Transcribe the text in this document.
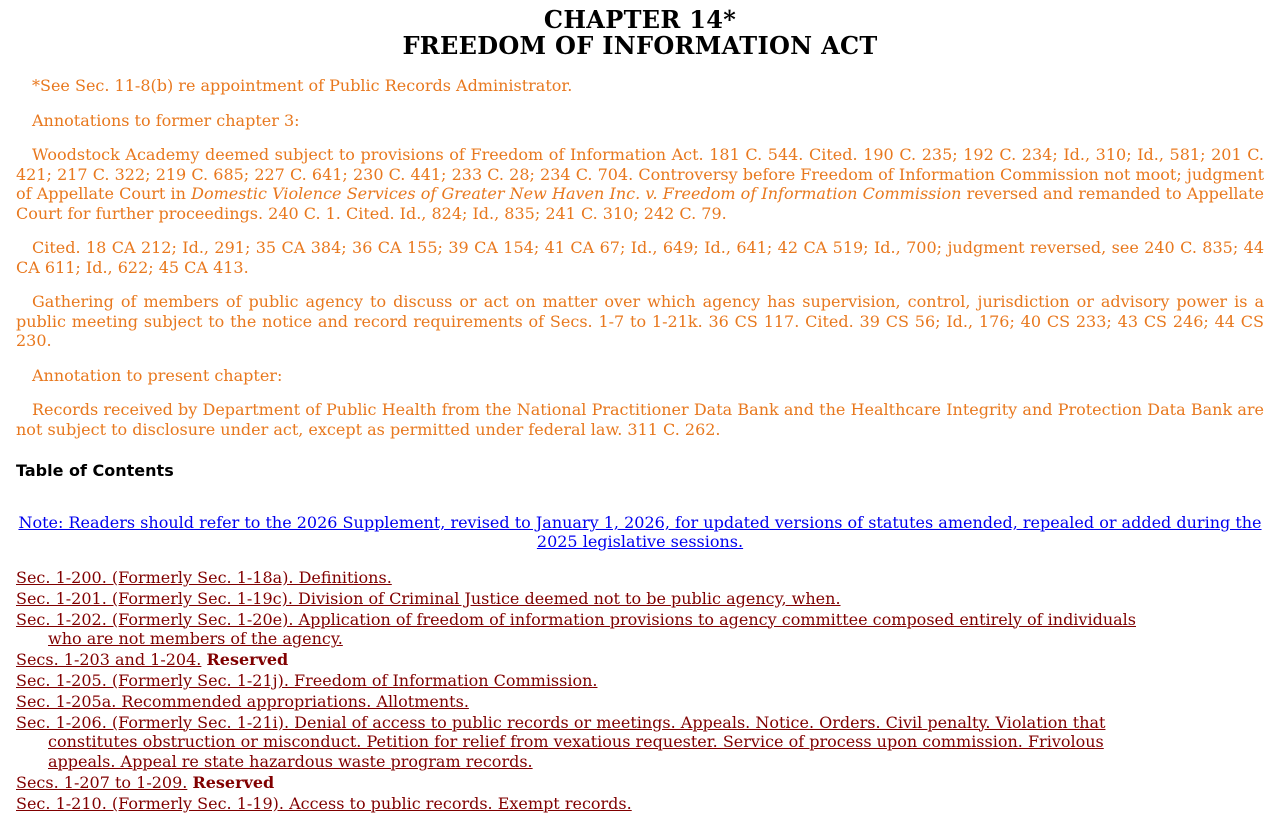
CHAPTER 14*
FREEDOM OF INFORMATION ACT

*See Sec. 11-8(b) re appointment of Public Records Administrator.

Annotations to former chapter 3:

Woodstock Academy deemed subject to provisions of Freedom of Information Act. 181 C. 544. Cited. 190 C. 235; 192 C. 234; Id., 310; Id., 581; 201 C. 421; 217 C. 322; 219 C. 685; 227 C. 641; 230 C. 441; 233 C. 28; 234 C. 704. Controversy before Freedom of Information Commission not moot; judgment of Appellate Court in Domestic Violence Services of Greater New Haven Inc. v. Freedom of Information Commission reversed and remanded to Appellate Court for further proceedings. 240 C. 1. Cited. Id., 824; Id., 835; 241 C. 310; 242 C. 79.

Cited. 18 CA 212; Id., 291; 35 CA 384; 36 CA 155; 39 CA 154; 41 CA 67; Id., 649; Id., 641; 42 CA 519; Id., 700; judgment reversed, see 240 C. 835; 44 CA 611; Id., 622; 45 CA 413.

Gathering of members of public agency to discuss or act on matter over which agency has supervision, control, jurisdiction or advisory power is a public meeting subject to the notice and record requirements of Secs. 1-7 to 1-21k. 36 CS 117. Cited. 39 CS 56; Id., 176; 40 CS 233; 43 CS 246; 44 CS 230.

Annotation to present chapter:

Records received by Department of Public Health from the National Practitioner Data Bank and the Healthcare Integrity and Protection Data Bank are not subject to disclosure under act, except as permitted under federal law. 311 C. 262.

Table of Contents
Note: Readers should refer to the 2026 Supplement, revised to January 1, 2026, for updated versions of statutes amended, repealed or added during the 2025 legislative sessions.
Sec. 1-200. (Formerly Sec. 1-18a). Definitions.
Sec. 1-201. (Formerly Sec. 1-19c). Division of Criminal Justice deemed not to be public agency, when.
Sec. 1-202. (Formerly Sec. 1-20e). Application of freedom of information provisions to agency committee composed entirely of individuals who are not members of the agency.
Secs. 1-203 and 1-204. Reserved
Sec. 1-205. (Formerly Sec. 1-21j). Freedom of Information Commission.
Sec. 1-205a. Recommended appropriations. Allotments.
Sec. 1-206. (Formerly Sec. 1-21i). Denial of access to public records or meetings. Appeals. Notice. Orders. Civil penalty. Violation that constitutes obstruction or misconduct. Petition for relief from vexatious requester. Service of process upon commission. Frivolous appeals. Appeal re state hazardous waste program records.
Secs. 1-207 to 1-209. Reserved
Sec. 1-210. (Formerly Sec. 1-19). Access to public records. Exempt records.
